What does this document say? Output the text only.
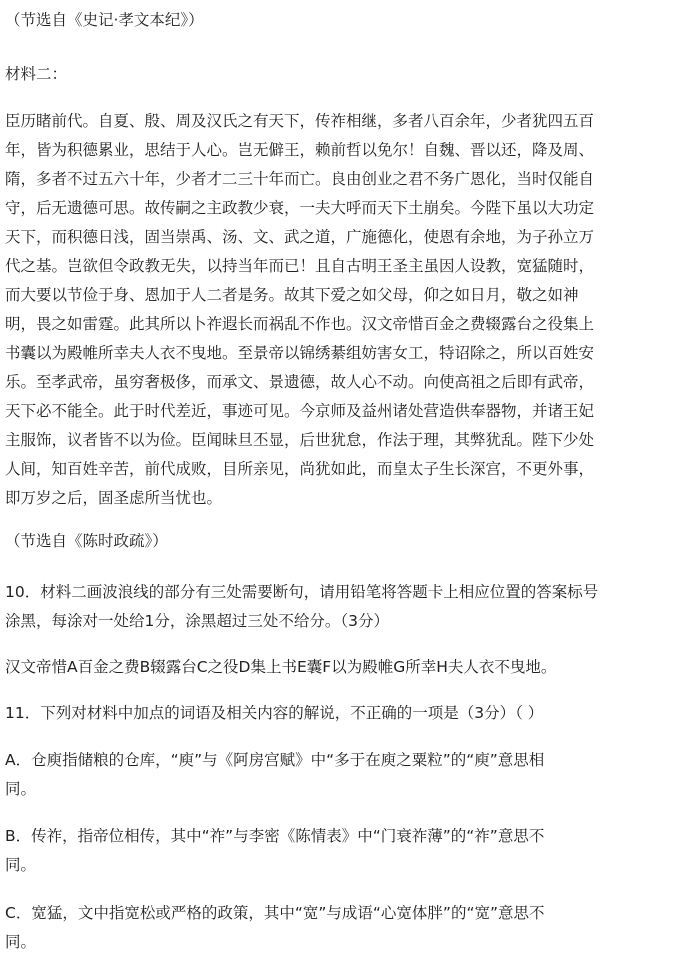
（节选自《史记·孝文本纪》）

材料二：

臣历睹前代。自夏、殷、周及汉氏之有天下，传祚相继，多者八百余年，少者犹四五百

年，皆为积德累业，思结于人心。岂无僻王，赖前哲以免尔！自魏、晋以还，降及周、

隋，多者不过五六十年，少者才二三十年而亡。良由创业之君不务广恩化，当时仅能自

守，后无遗德可思。故传嗣之主政教少衰，一夫大呼而天下土崩矣。今陛下虽以大功定

天下，而积德日浅，固当崇禹、汤、文、武之道，广施德化，使恩有余地，为子孙立万

代之基。岂欲但令政教无失，以持当年而已！且自古明王圣主虽因人设教，宽猛随时，

而大要以节俭于身、恩加于人二者是务。故其下爱之如父母，仰之如日月，敬之如神

明，畏之如雷霆。此其所以卜祚遐长而祸乱不作也。汉文帝惜百金之费辍露台之役集上

书囊以为殿帷所幸夫人衣不曳地。至景帝以锦绣綦组妨害女工，特诏除之，所以百姓安

乐。至孝武帝，虽穷奢极侈，而承文、景遗德，故人心不动。向使高祖之后即有武帝，

天下必不能全。此于时代差近，事迹可见。今京师及益州诸处营造供奉器物，并诸王妃

主服饰，议者皆不以为俭。臣闻昧旦丕显，后世犹怠，作法于理，其弊犹乱。陛下少处

人间，知百姓辛苦，前代成败，目所亲见，尚犹如此，而皇太子生长深宫，不更外事，

即万岁之后，固圣虑所当忧也。

（节选自《陈时政疏》）

10．材料二画波浪线的部分有三处需要断句，请用铅笔将答题卡上相应位置的答案标号

涂黑，每涂对一处给1分，涂黑超过三处不给分。（3分）

汉文帝惜A百金之费B辍露台C之役D集上书E囊F以为殿帷G所幸H夫人衣不曳地。

11．下列对材料中加点的词语及相关内容的解说，不正确的一项是（3分）（ ）

A．仓庾指储粮的仓库，“庾”与《阿房宫赋》中“多于在庾之粟粒”的“庾”意思相

同。

B．传祚，指帝位相传，其中“祚”与李密《陈情表》中“门衰祚薄”的“祚”意思不

同。

C．宽猛，文中指宽松或严格的政策，其中“宽”与成语“心宽体胖”的“宽”意思不

同。
